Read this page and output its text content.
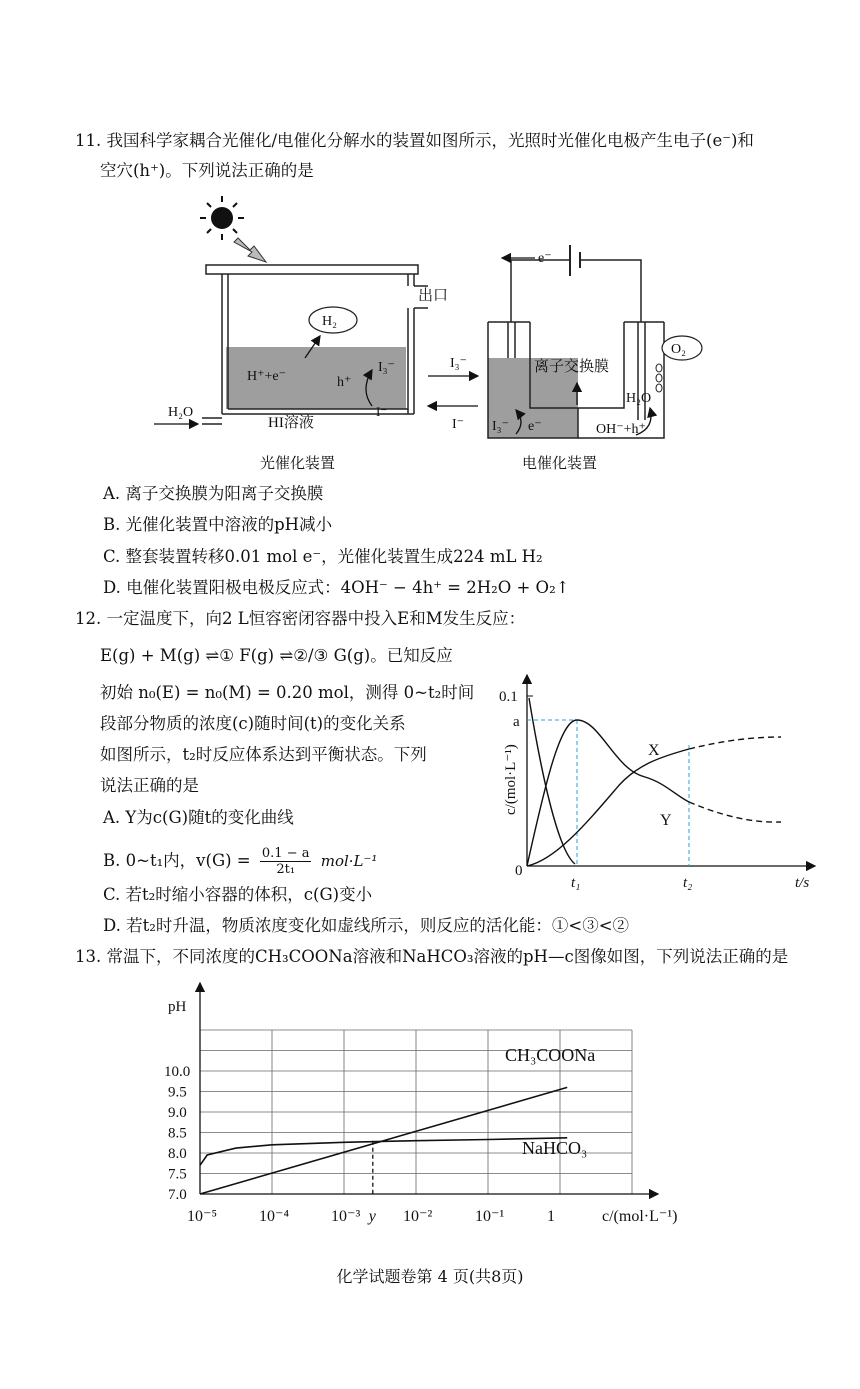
11. 我国科学家耦合光催化/电催化分解水的装置如图所示，光照时光催化电极产生电子(e⁻)和
空穴(h⁺)。下列说法正确的是
出口
H₂
H⁺+e⁻	h⁺
I₃⁻
I⁻
HI溶液
H₂O
I₃⁻
I⁻
e⁻
离子交换膜
O₂
H₂O
I₃⁻ e⁻	OH⁻+h⁺
光催化装置	电催化装置
A. 离子交换膜为阳离子交换膜
B. 光催化装置中溶液的pH减小
C. 整套装置转移0.01 mol e⁻，光催化装置生成224 mL H₂
D. 电催化装置阳极电极反应式：4OH⁻ − 4h⁺ = 2H₂O + O₂↑
12. 一定温度下，向2 L恒容密闭容器中投入E和M发生反应：
E(g) + M(g) ⇌① F(g) ⇌②/③ G(g)。已知反应
初始 n₀(E) = n₀(M) = 0.20 mol，测得 0~t₂时间
段部分物质的浓度(c)随时间(t)的变化关系
如图所示，t₂时反应体系达到平衡状态。下列
说法正确的是
A. Y为c(G)随t的变化曲线
B. 0~t₁内，$v(G) = \frac{0.1 - a}{\text{2t₁}} mol\cdot L^{-1}$
C. 若t₂时缩小容器的体积，c(G)变小
D. 若t₂时升温，物质浓度变化如虚线所示，则反应的活化能：①<③<②
0.1
a
0
t₁	t₂	t/s
c/(mol·L⁻¹)	X
Y
13. 常温下，不同浓度的CH₃COONa溶液和NaHCO₃溶液的pH—c图像如图，下列说法正确的是
pH
7.0
7.5
8.0
8.5
9.0
9.5
10.0
10⁻⁵	10⁻⁴	10⁻³ y 10⁻²	10⁻¹	1	c/(mol·L⁻¹)
CH₃COONa
NaHCO₃
化学试题卷第 4 页(共8页)
